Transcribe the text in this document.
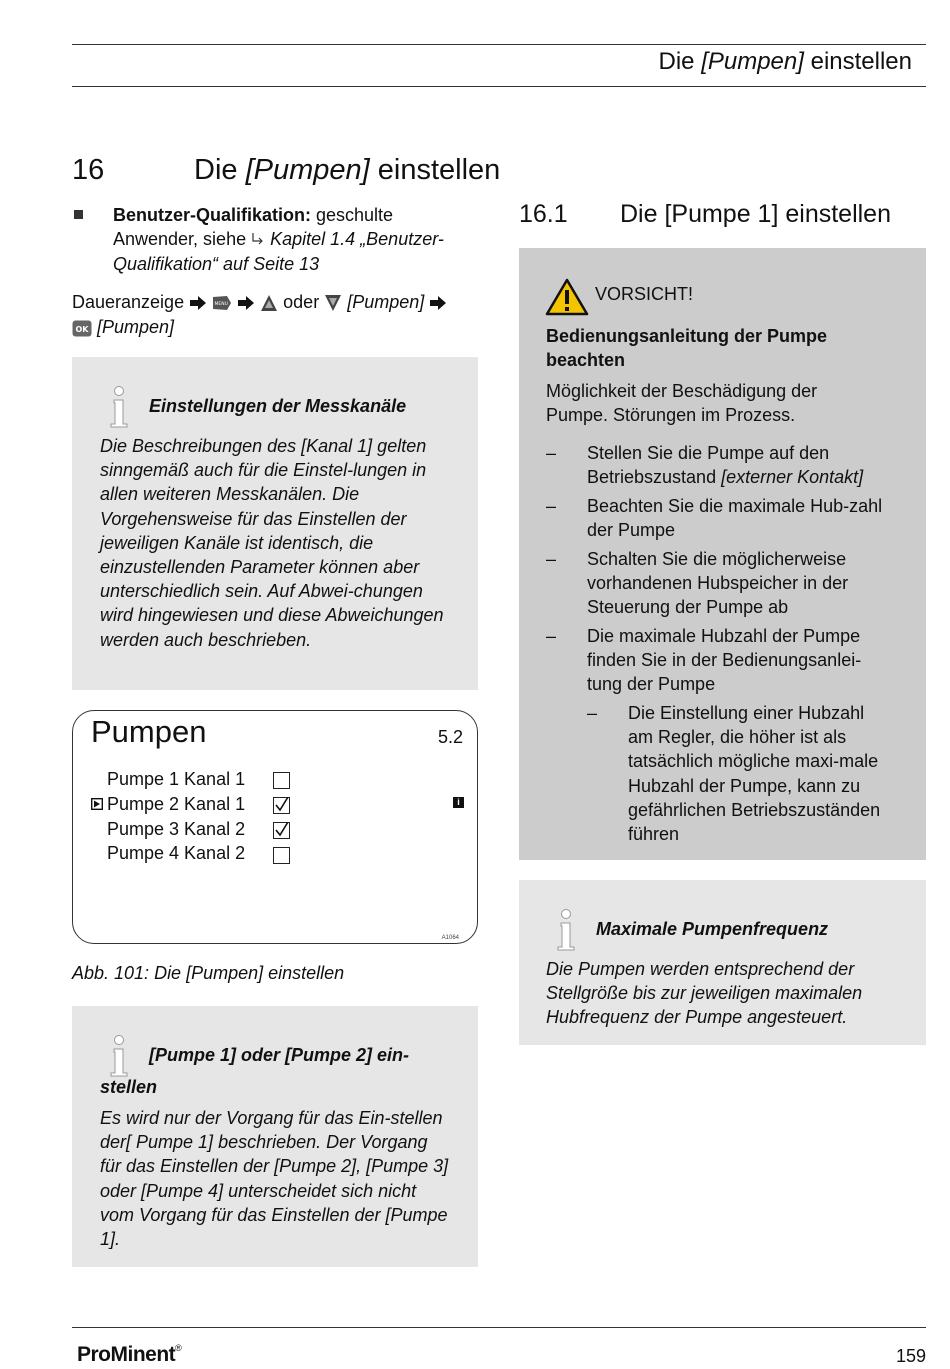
Die [Pumpen] einstellen
16	Die [Pumpen] einstellen
Benutzer-Qualifikation: geschulte Anwender, siehe  Kapitel 1.4 „Benutzer-Qualifikation“ auf Seite 13
Daueranzeige	MENU	oder [Pumpen]

OK [Pumpen]
Einstellungen der Messkanäle
Die Beschreibungen des [Kanal 1] gelten sinngemäß auch für die Einstel-lungen in allen weiteren Messkanälen. Die Vorgehensweise für das Einstellen der jeweiligen Kanäle ist identisch, die einzustellenden Parameter können aber unterschiedlich sein. Auf Abwei-chungen wird hingewiesen und diese Abweichungen werden auch beschrieben.
Pumpen	5.2
Pumpe 1 Kanal 1
Pumpe 2 Kanal 1
Pumpe 3 Kanal 2
Pumpe 4 Kanal 2
i
A1064
Abb. 101: Die [Pumpen] einstellen
[Pumpe 1] oder [Pumpe 2] ein-stellen
Es wird nur der Vorgang für das Ein-stellen der[ Pumpe 1] beschrieben. Der Vorgang für das Einstellen der [Pumpe 2], [Pumpe 3] oder [Pumpe 4] unterscheidet sich nicht vom Vorgang für das Einstellen der [Pumpe 1].
16.1 Die [Pumpe 1] einstellen
VORSICHT!
Bedienungsanleitung der Pumpe beachten
Möglichkeit der Beschädigung der Pumpe. Störungen im Prozess.
– Stellen Sie die Pumpe auf den Betriebszustand [externer Kontakt]
– Beachten Sie die maximale Hub-zahl der Pumpe
– Schalten Sie die möglicherweise vorhandenen Hubspeicher in der Steuerung der Pumpe ab
– Die maximale Hubzahl der Pumpe finden Sie in der Bedienungsanlei-tung der Pumpe
– Die Einstellung einer Hubzahl am Regler, die höher ist als tatsächlich mögliche maxi-male Hubzahl der Pumpe, kann zu gefährlichen Betriebszuständen führen
Maximale Pumpenfrequenz
Die Pumpen werden entsprechend der Stellgröße bis zur jeweiligen maximalen Hubfrequenz der Pumpe angesteuert.
ProMinent®	159
